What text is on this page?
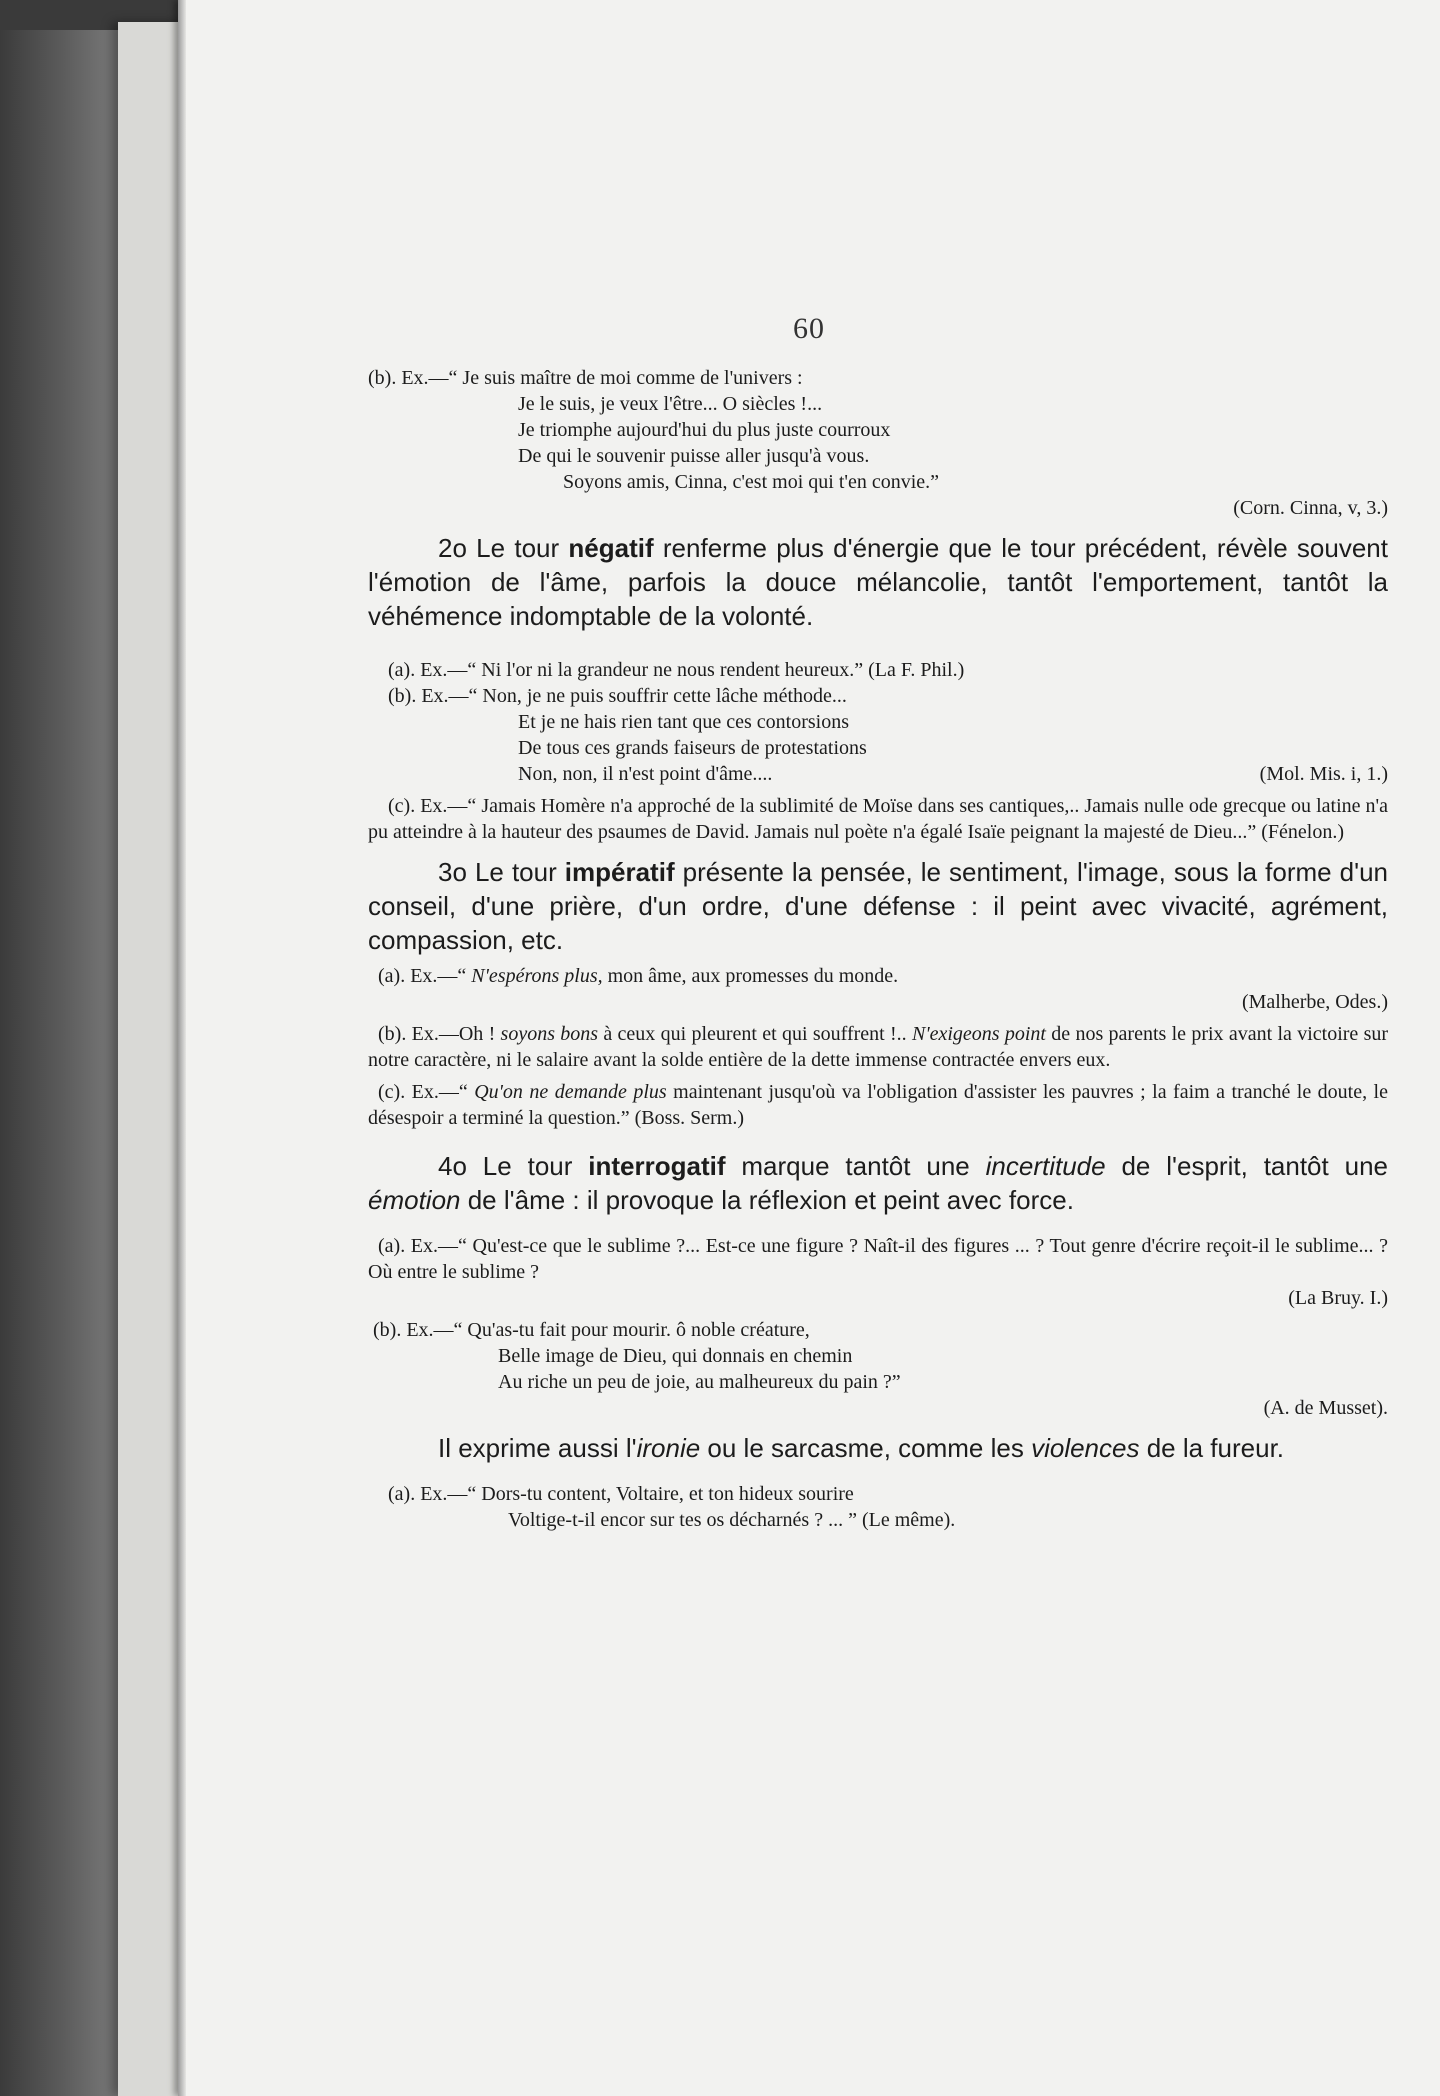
60

(b). Ex.—“ Je suis maître de moi comme de l'univers :

Je le suis, je veux l'être... O siècles !...

Je triomphe aujourd'hui du plus juste courroux

De qui le souvenir puisse aller jusqu'à vous.

Soyons amis, Cinna, c'est moi qui t'en convie.”

(Corn. Cinna, v, 3.)

2o Le tour négatif renferme plus d'énergie que le tour précédent, révèle souvent l'émotion de l'âme, parfois la douce mélancolie, tantôt l'emportement, tantôt la véhémence indomptable de la volonté.

(a). Ex.—“ Ni l'or ni la grandeur ne nous rendent heureux.” (La F. Phil.)

(b). Ex.—“ Non, je ne puis souffrir cette lâche méthode...

Et je ne hais rien tant que ces contorsions

De tous ces grands faiseurs de protestations

Non, non, il n'est point d'âme....	(Mol. Mis. i, 1.)

(c). Ex.—“ Jamais Homère n'a approché de la sublimité de Moïse dans ses cantiques,.. Jamais nulle ode grecque ou latine n'a pu atteindre à la hauteur des psaumes de David. Jamais nul poète n'a égalé Isaïe peignant la majesté de Dieu...” (Fénelon.)

3o Le tour impératif présente la pensée, le sentiment, l'image, sous la forme d'un conseil, d'une prière, d'un ordre, d'une défense : il peint avec vivacité, agrément, compassion, etc.

(a). Ex.—“ N'espérons plus, mon âme, aux promesses du monde.

(Malherbe, Odes.)

(b). Ex.—Oh ! soyons bons à ceux qui pleurent et qui souffrent !.. N'exigeons point de nos parents le prix avant la victoire sur notre caractère, ni le salaire avant la solde entière de la dette immense contractée envers eux.

(c). Ex.—“ Qu'on ne demande plus maintenant jusqu'où va l'obligation d'assister les pauvres ; la faim a tranché le doute, le désespoir a terminé la question.” (Boss. Serm.)

4o Le tour interrogatif marque tantôt une incertitude de l'esprit, tantôt une émotion de l'âme : il provoque la réflexion et peint avec force.

(a). Ex.—“ Qu'est-ce que le sublime ?... Est-ce une figure ? Naît-il des figures ... ? Tout genre d'écrire reçoit-il le sublime... ? Où entre le sublime ?

(La Bruy. I.)

(b). Ex.—“ Qu'as-tu fait pour mourir. ô noble créature,

Belle image de Dieu, qui donnais en chemin

Au riche un peu de joie, au malheureux du pain ?”

(A. de Musset).

Il exprime aussi l'ironie ou le sarcasme, comme les violences de la fureur.

(a). Ex.—“ Dors-tu content, Voltaire, et ton hideux sourire

Voltige-t-il encor sur tes os décharnés ? ... ” (Le même).
